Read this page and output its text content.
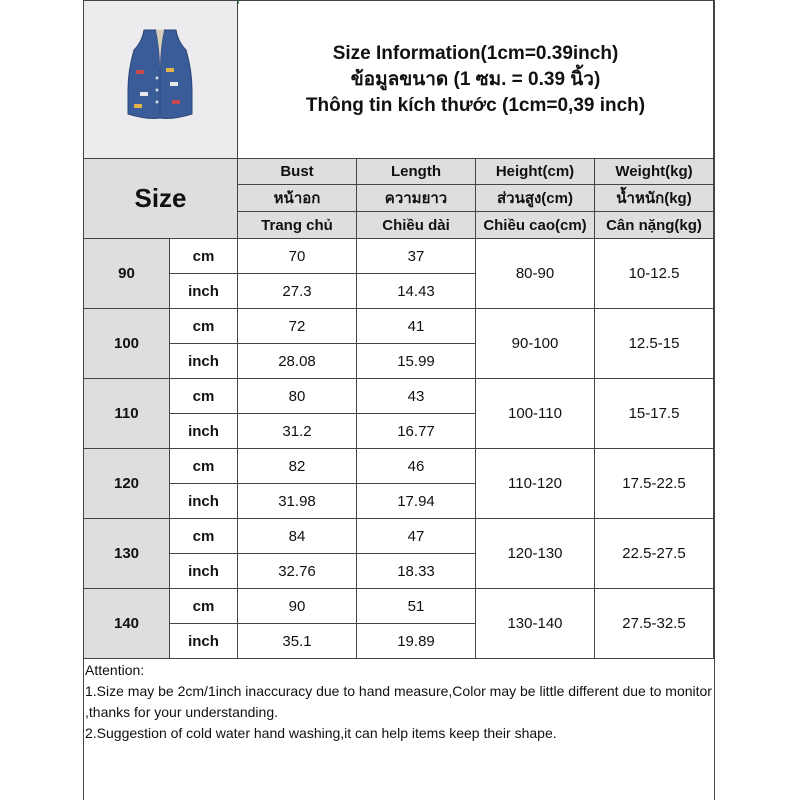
Size Information(1cm=0.39inch)
ข้อมูลขนาด (1 ซม. = 0.39 นิ้ว)
Thông tin kích thước (1cm=0,39 inch)			

Size		Bust	Length	Height(cm)	Weight(kg)
		หน้าอก	ความยาว	ส่วนสูง(cm)	น้ำหนัก(kg)
		Trang chủ	Chiều dài	Chiều cao(cm)	Cân nặng(kg)
90	cm	70	37	80-90	10-12.5
	inch	27.3	14.43		
100	cm	72	41	90-100	12.5-15
	inch	28.08	15.99		
110	cm	80	43	100-110	15-17.5
	inch	31.2	16.77		
120	cm	82	46	110-120	17.5-22.5
	inch	31.98	17.94		
130	cm	84	47	120-130	22.5-27.5
	inch	32.76	18.33		
140	cm	90	51	130-140	27.5-32.5
	inch	35.1	19.89		
Attention:
1.Size may be 2cm/1inch inaccuracy due to hand measure,Color may be little different due to monitor ,thanks for your understanding.
2.Suggestion of cold water hand washing,it can help items keep their shape.
